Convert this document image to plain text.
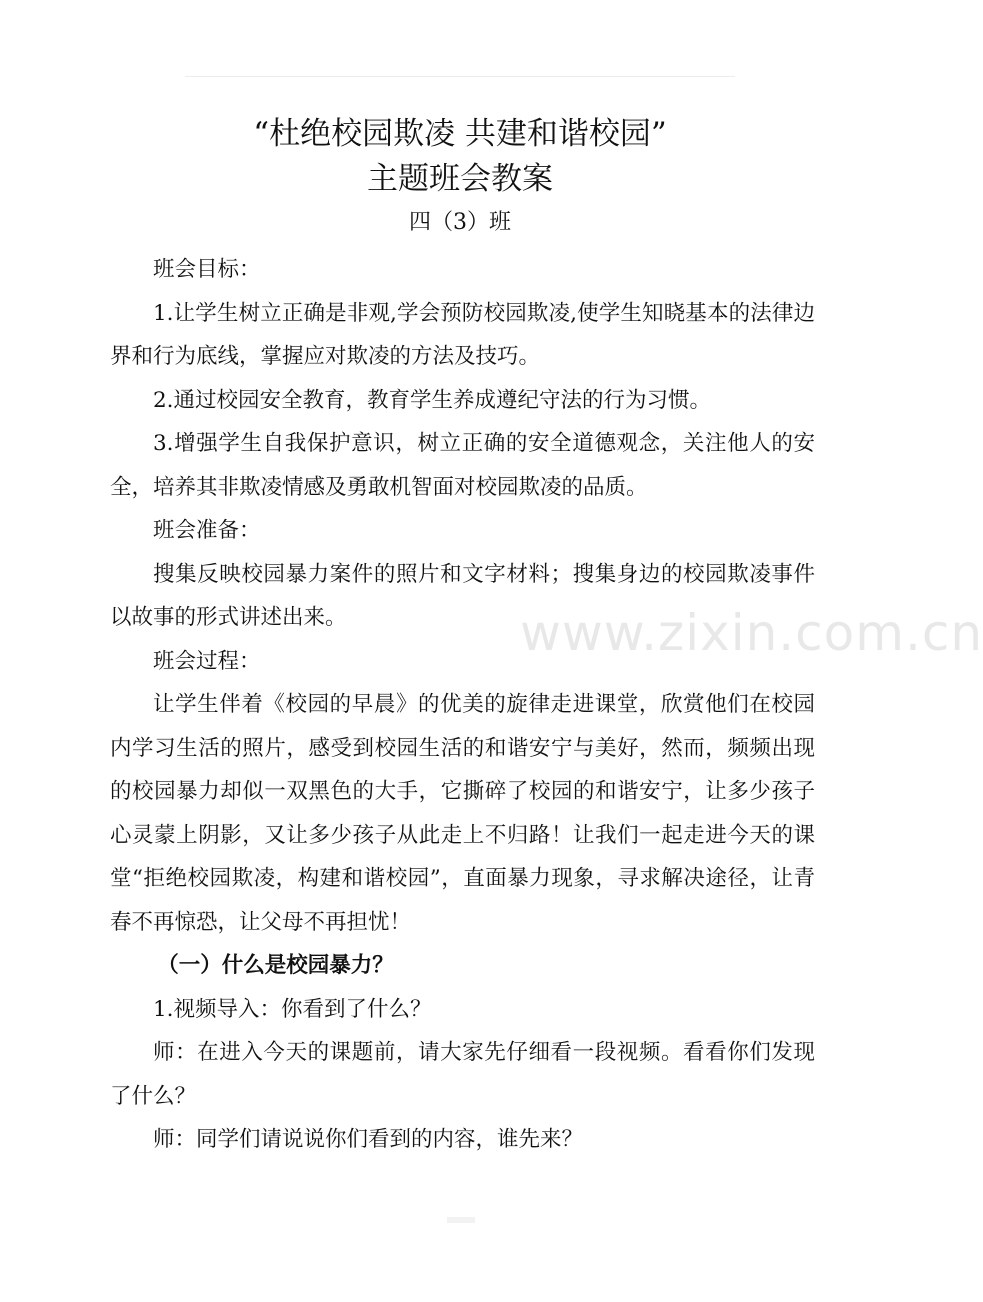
“杜绝校园欺凌 共建和谐校园”
主题班会教案
四（3）班

班会目标：

1.让学生树立正确是非观,学会预防校园欺凌,使学生知晓基本的法律边界和行为底线，掌握应对欺凌的方法及技巧。

2.通过校园安全教育，教育学生养成遵纪守法的行为习惯。

3.增强学生自我保护意识，树立正确的安全道德观念，关注他人的安全，培养其非欺凌情感及勇敢机智面对校园欺凌的品质。

班会准备：

搜集反映校园暴力案件的照片和文字材料；搜集身边的校园欺凌事件以故事的形式讲述出来。

班会过程：

让学生伴着《校园的早晨》的优美的旋律走进课堂，欣赏他们在校园内学习生活的照片，感受到校园生活的和谐安宁与美好，然而，频频出现的校园暴力却似一双黑色的大手，它撕碎了校园的和谐安宁，让多少孩子心灵蒙上阴影，又让多少孩子从此走上不归路！让我们一起走进今天的课堂“拒绝校园欺凌，构建和谐校园”，直面暴力现象，寻求解决途径，让青春不再惊恐，让父母不再担忧！

（一）什么是校园暴力？

1.视频导入：你看到了什么？

师：在进入今天的课题前，请大家先仔细看一段视频。看看你们发现了什么？

师：同学们请说说你们看到的内容，谁先来？

www.zixin.com.cn
